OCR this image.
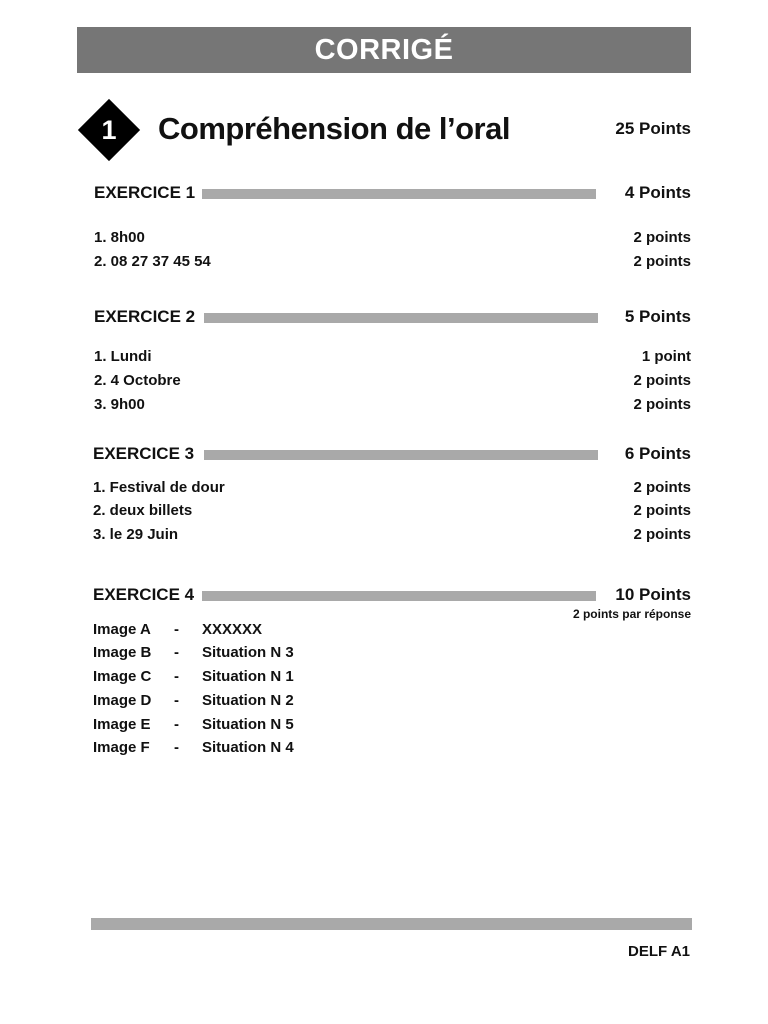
CORRIGÉ
1	Compréhension de l’oral	25 Points
EXERCICE 1	4 Points
1. 8h00	2 points
2. 08 27 37 45 54	2 points
EXERCICE 2	5 Points
1. Lundi	1 point
2. 4 Octobre	2 points
3. 9h00	2 points
EXERCICE 3	6 Points
1. Festival de dour	2 points
2. deux billets	2 points
3. le 29 Juin	2 points
EXERCICE 4	10 Points
2 points par réponse
Image A - XXXXXX
Image B - Situation N 3
Image C - Situation N 1
Image D - Situation N 2
Image E - Situation N 5
Image F - Situation N 4
DELF A1
